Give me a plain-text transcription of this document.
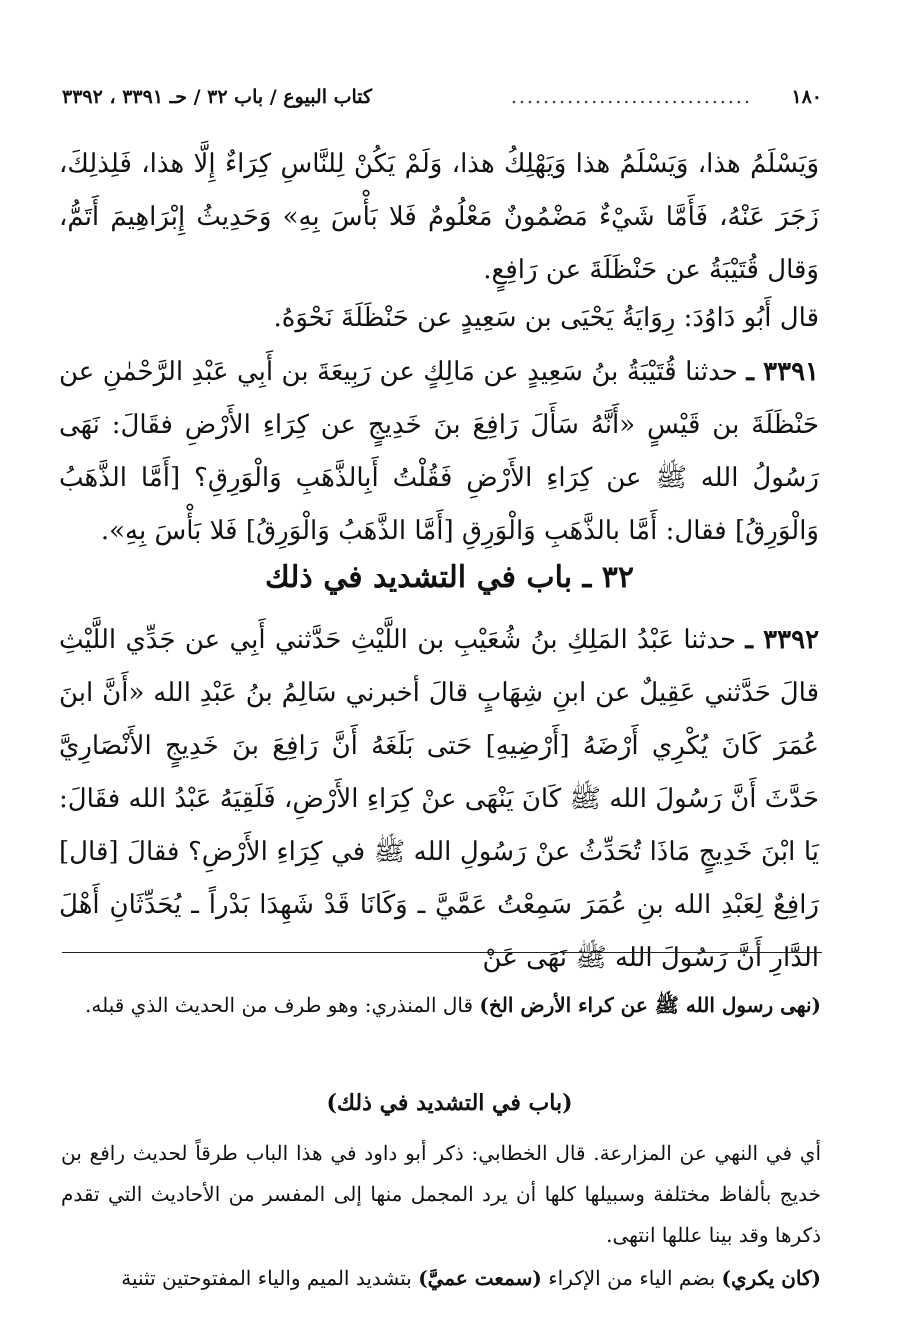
١٨٠
..............................
كتاب البيوع / باب ٣٢ / حـ ٣٣٩١ ، ٣٣٩٢

وَيَسْلَمُ هذا، وَيَسْلَمُ هذا وَيَهْلِكُ هذا، وَلَمْ يَكُنْ لِلنَّاسِ كِرَاءٌ إِلَّا هذا، فَلِذلِكَ، زَجَرَ عَنْهُ، فَأَمَّا شَيْءٌ مَضْمُونٌ مَعْلُومٌ فَلا بَأْسَ بِهِ» وَحَدِيثُ إِبْرَاهِيمَ أَتَمُّ، وَقال قُتَيْبَةُ عن حَنْظَلَةَ عن رَافِعٍ.

قال أَبُو دَاوُدَ: رِوَايَةُ يَحْيَى بن سَعِيدٍ عن حَنْظَلَةَ نَحْوَهُ.

٣٣٩١ ـ حدثنا قُتَيْبَةُ بنُ سَعِيدٍ عن مَالِكٍ عن رَبِيعَةَ بن أَبِي عَبْدِ الرَّحْمٰنِ عن حَنْظَلَةَ بن قَيْسٍ «أَنَّهُ سَأَلَ رَافِعَ بنَ خَدِيجٍ عن كِرَاءِ الأَرْضِ فقَالَ: نَهَى رَسُولُ الله ﷺ عن كِرَاءِ الأَرْضِ فَقُلْتُ أَبِالذَّهَبِ وَالْوَرِقِ؟ [أَمَّا الذَّهَبُ وَالْوَرِقُ] فقال: أَمَّا بالذَّهَبِ وَالْوَرِقِ [أَمَّا الذَّهَبُ وَالْوَرِقُ] فَلا بَأْسَ بِهِ».

٣٢ ـ باب في التشديد في ذلك

٣٣٩٢ ـ حدثنا عَبْدُ المَلِكِ بنُ شُعَيْبِ بن اللَّيْثِ حَدَّثني أَبِي عن جَدِّي اللَّيْثِ قالَ حَدَّثني عَقِيلٌ عن ابنِ شِهَابٍ قالَ أخبرني سَالِمُ بنُ عَبْدِ الله «أَنَّ ابنَ عُمَرَ كَانَ يُكْرِي أَرْضَهُ [أَرْضِيهِ] حَتى بَلَغَهُ أَنَّ رَافِعَ بنَ خَدِيجٍ الأَنْصَارِيَّ حَدَّثَ أَنَّ رَسُولَ الله ﷺ كَانَ يَنْهَى عنْ كِرَاءِ الأَرْضِ، فَلَقِيَهُ عَبْدُ الله فقَالَ: يَا ابْنَ خَدِيجٍ مَاذَا تُحَدِّثُ عنْ رَسُولِ الله ﷺ في كِرَاءِ الأَرْضِ؟ فقالَ [قال] رَافِعٌ لِعَبْدِ الله بنِ عُمَرَ سَمِعْتُ عَمَّيَّ ـ وَكَانَا قَدْ شَهِدَا بَدْراً ـ يُحَدِّثَانِ أَهْلَ الدَّارِ أَنَّ رَسُولَ الله ﷺ نَهَى عَنْ

(نهى رسول الله ﷺ عن كراء الأرض الخ) قال المنذري: وهو طرف من الحديث الذي قبله.

(باب في التشديد في ذلك)

أي في النهي عن المزارعة. قال الخطابي: ذكر أبو داود في هذا الباب طرقاً لحديث رافع بن خديج بألفاظ مختلفة وسبيلها كلها أن يرد المجمل منها إلى المفسر من الأحاديث التي تقدم ذكرها وقد بينا عللها انتهى.

(كان يكري) بضم الياء من الإكراء (سمعت عميَّ) بتشديد الميم والياء المفتوحتين تثنية
